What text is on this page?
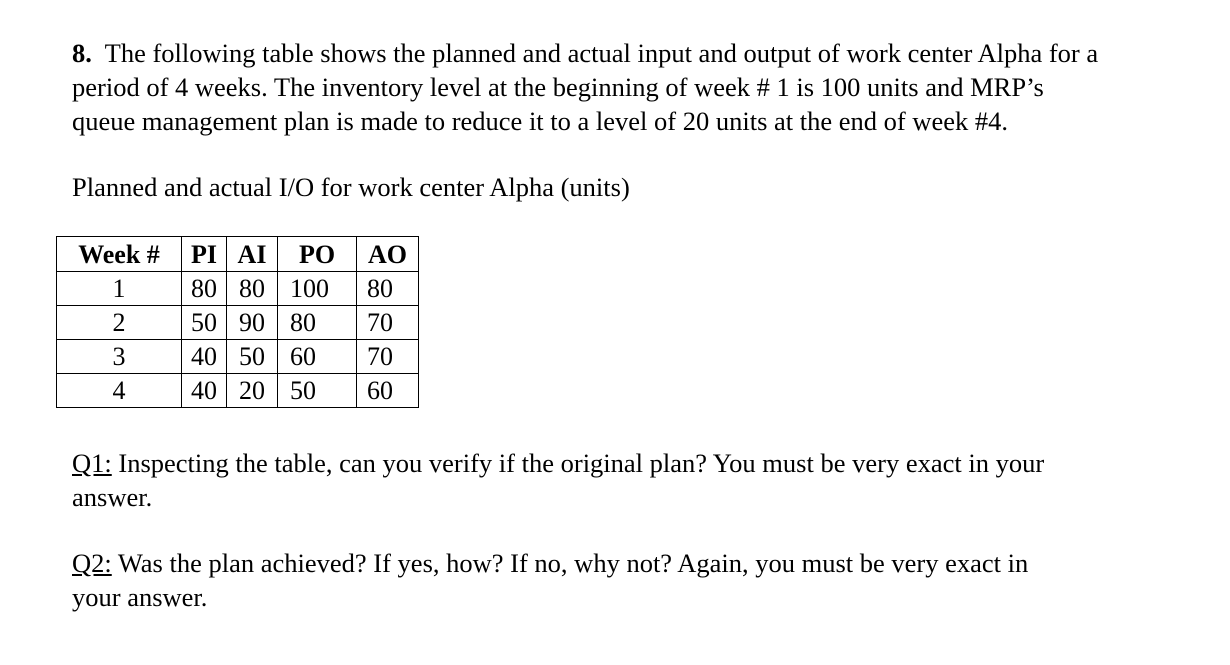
8. The following table shows the planned and actual input and output of work center Alpha for a
period of 4 weeks. The inventory level at the beginning of week # 1 is 100 units and MRP’s
queue management plan is made to reduce it to a level of 20 units at the end of week #4.

Planned and actual I/O for work center Alpha (units)

Week #	PI	AI	PO	AO
1	80	80	100	80
2	50	90	80	70
3	40	50	60	70
4	40	20	50	60

Q1: Inspecting the table, can you verify if the original plan? You must be very exact in your
answer.

Q2: Was the plan achieved? If yes, how? If no, why not? Again, you must be very exact in
your answer.
